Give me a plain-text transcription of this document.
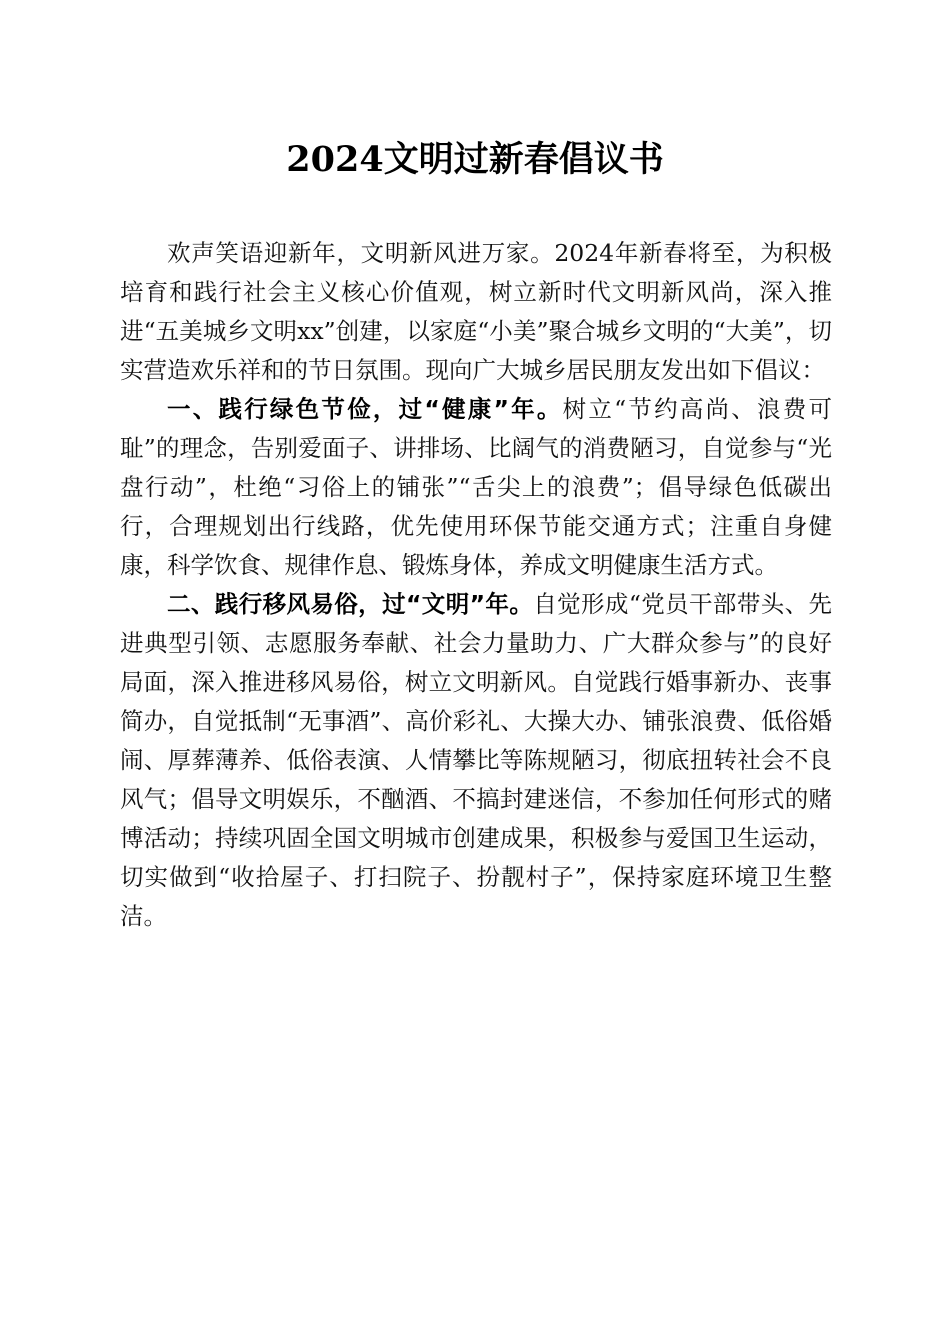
2024文明过新春倡议书

欢声笑语迎新年，文明新风进万家。2024年新春将至，为积极培育和践行社会主义核心价值观，树立新时代文明新风尚，深入推进“五美城乡文明xx”创建，以家庭“小美”聚合城乡文明的“大美”，切实营造欢乐祥和的节日氛围。现向广大城乡居民朋友发出如下倡议：

一、践行绿色节俭，过“健康”年。树立“节约高尚、浪费可耻”的理念，告别爱面子、讲排场、比阔气的消费陋习，自觉参与“光盘行动”，杜绝“习俗上的铺张”“舌尖上的浪费”；倡导绿色低碳出行，合理规划出行线路，优先使用环保节能交通方式；注重自身健康，科学饮食、规律作息、锻炼身体，养成文明健康生活方式。

二、践行移风易俗，过“文明”年。自觉形成“党员干部带头、先进典型引领、志愿服务奉献、社会力量助力、广大群众参与”的良好局面，深入推进移风易俗，树立文明新风。自觉践行婚事新办、丧事简办，自觉抵制“无事酒”、高价彩礼、大操大办、铺张浪费、低俗婚闹、厚葬薄养、低俗表演、人情攀比等陈规陋习，彻底扭转社会不良风气；倡导文明娱乐，不酗酒、不搞封建迷信，不参加任何形式的赌博活动；持续巩固全国文明城市创建成果，积极参与爱国卫生运动，切实做到“收拾屋子、打扫院子、扮靓村子”，保持家庭环境卫生整洁。
